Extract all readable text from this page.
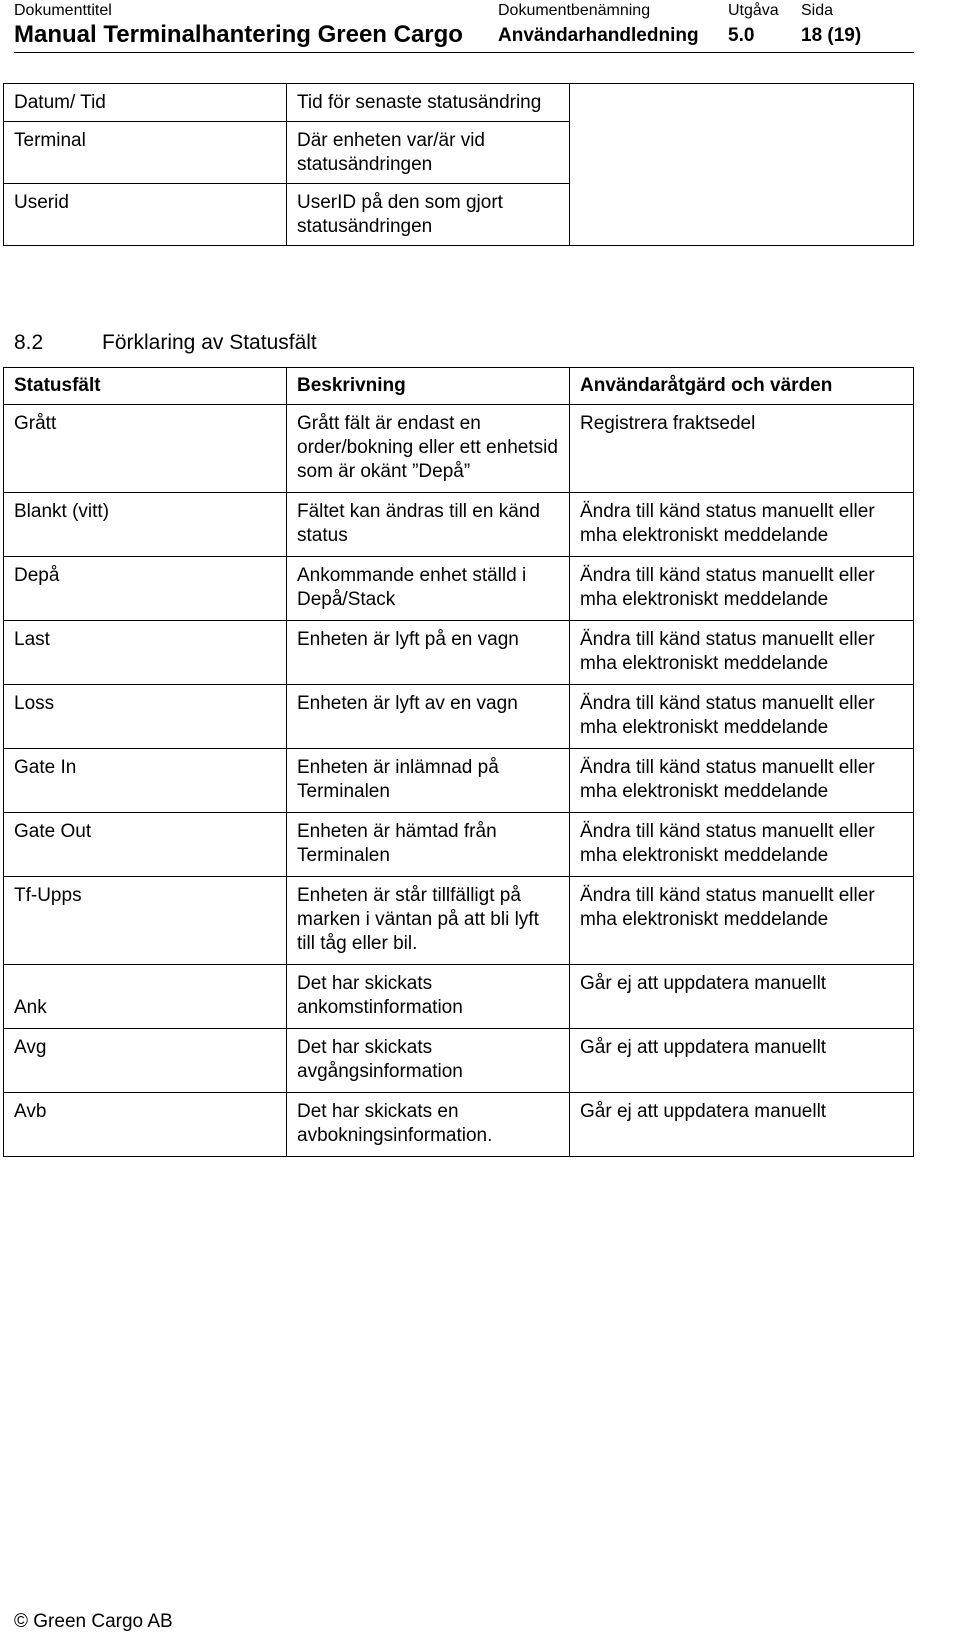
Dokumenttitel	Dokumentbenämning	Utgåva Sida
Manual Terminalhantering Green Cargo Användarhandledning 5.0 18 (19)
Datum/ Tid	Tid för senaste statusändring	
Terminal	Där enheten var/är vid statusändringen	
Userid	UserID på den som gjort statusändringen	
8.2	Förklaring av Statusfält
Statusfält	Beskrivning	Användaråtgärd och värden
Grått	Grått fält är endast en order/bokning eller ett enhetsid som är okänt ”Depå”	Registrera fraktsedel
Blankt (vitt)	Fältet kan ändras till en känd status	Ändra till känd status manuellt eller mha elektroniskt meddelande
Depå	Ankommande enhet ställd i Depå/Stack	Ändra till känd status manuellt eller mha elektroniskt meddelande
Last	Enheten är lyft på en vagn	Ändra till känd status manuellt eller mha elektroniskt meddelande
Loss	Enheten är lyft av en vagn	Ändra till känd status manuellt eller mha elektroniskt meddelande
Gate In	Enheten är inlämnad på Terminalen	Ändra till känd status manuellt eller mha elektroniskt meddelande
Gate Out	Enheten är hämtad från Terminalen	Ändra till känd status manuellt eller mha elektroniskt meddelande
Tf-Upps	Enheten är står tillfälligt på marken i väntan på att bli lyft till tåg eller bil.	Ändra till känd status manuellt eller mha elektroniskt meddelande
Ank	Det har skickats ankomstinformation	Går ej att uppdatera manuellt
Avg	Det har skickats avgångsinformation	Går ej att uppdatera manuellt
Avb	Det har skickats en avbokningsinformation.	Går ej att uppdatera manuellt
© Green Cargo AB
